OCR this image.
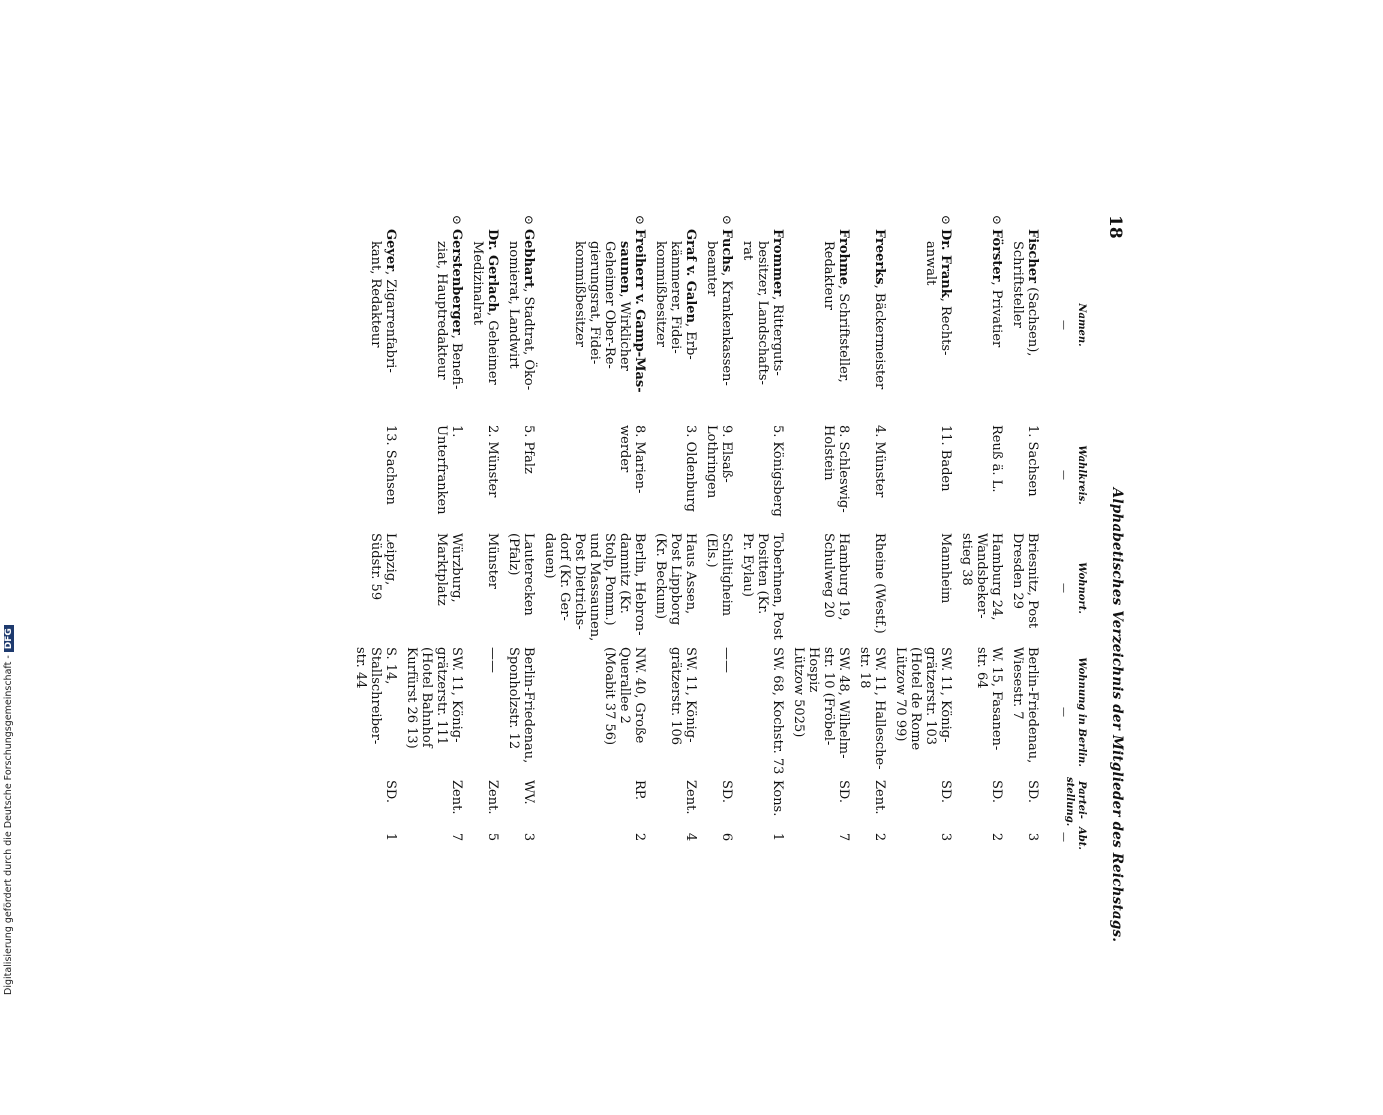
18
Alphabetisches Verzeichnis der Mitglieder des Reichstags.
Namen.
—
Wahlkreis.
—
Wohnort.
—
Wohnung in Berlin.
—
Partei-
stellung.
Abt.
—
Fischer (Sachsen),
Schriftsteller
1. Sachsen
Briesnitz, Post
Dresden 29
Berlin-Friedenau,
Wiesestr. 7
SD.
3
⊙
Förster, Privatier
Reuß ä. L.
Hamburg 24,
Wandsbeker-
stieg 38
W. 15, Fasanen-
str. 64
SD.
2
⊙
Dr. Frank, Rechts-
anwalt
11. Baden
Mannheim
SW. 11, König-
grätzerstr. 103
(Hotel de Rome
Lützow 70 99)
SD.
3
Freerks, Bäckermeister
4. Münster
Rheine (Westf.)
SW. 11, Hallesche-
str. 18
Zent.
2
Frohme, Schriftsteller,
Redakteur
8. Schleswig-
Holstein
Hamburg 19,
Schulweg 20
SW. 48, Wilhelm-
str. 10 (Fröbel-
Hospiz
Lützow 5025)
SD.
7
Frommer, Ritterguts-
besitzer, Landschafts-
rat
5. Königsberg
Toberhnen, Post
Positten (Kr.
Pr. Eylau)
SW. 68, Kochstr. 73
Kons.
1
⊙
Fuchs, Krankenkassen-
beamter
9. Elsaß-
Lothringen
Schiltigheim
(Els.)
——
SD.
6
Graf v. Galen, Erb-
kämmerer, Fidei-
kommißbesitzer
3. Oldenburg
Haus Assen,
Post Lippborg
(Kr. Beckum)
SW. 11, König-
grätzerstr. 106
Zent.
4
⊙
Freiherr v. Gamp-Mas-
saunen, Wirklicher
Geheimer Ober-Re-
gierungsrat, Fidei-
kommißbesitzer
8. Marien-
werder
Berlin, Hebron-
damnitz (Kr.
Stolp, Pomm.)
und Massaunen,
Post Dietrichs-
dorf (Kr. Ger-
dauen)
NW. 40, Große
Querallee 2
(Moabit 37 56)
RP.
2
⊙
Gebhart, Stadtrat, Öko-
nomierat, Landwirt
5. Pfalz
Lauterecken
(Pfalz)
Berlin-Friedenau,
Sponholzstr. 12
WV.
3
Dr. Gerlach, Geheimer
Medizinalrat
2. Münster
Münster
——
Zent.
5
⊙
Gerstenberger, Benefi-
ziat, Hauptredakteur
1. Unterfranken
Würzburg,
Marktplatz
SW. 11, König-
grätzerstr. 111
(Hotel Bahnhof
Kurfürst 26 13)
Zent.
7
Geyer, Zigarrenfabri-
kant, Redakteur
13. Sachsen
Leipzig,
Südstr. 59
S. 14, Stallschreiber-
str. 44
SD.
1
Digitalisierung gefördert durch die Deutsche Forschungsgemeinschaft -DFG
